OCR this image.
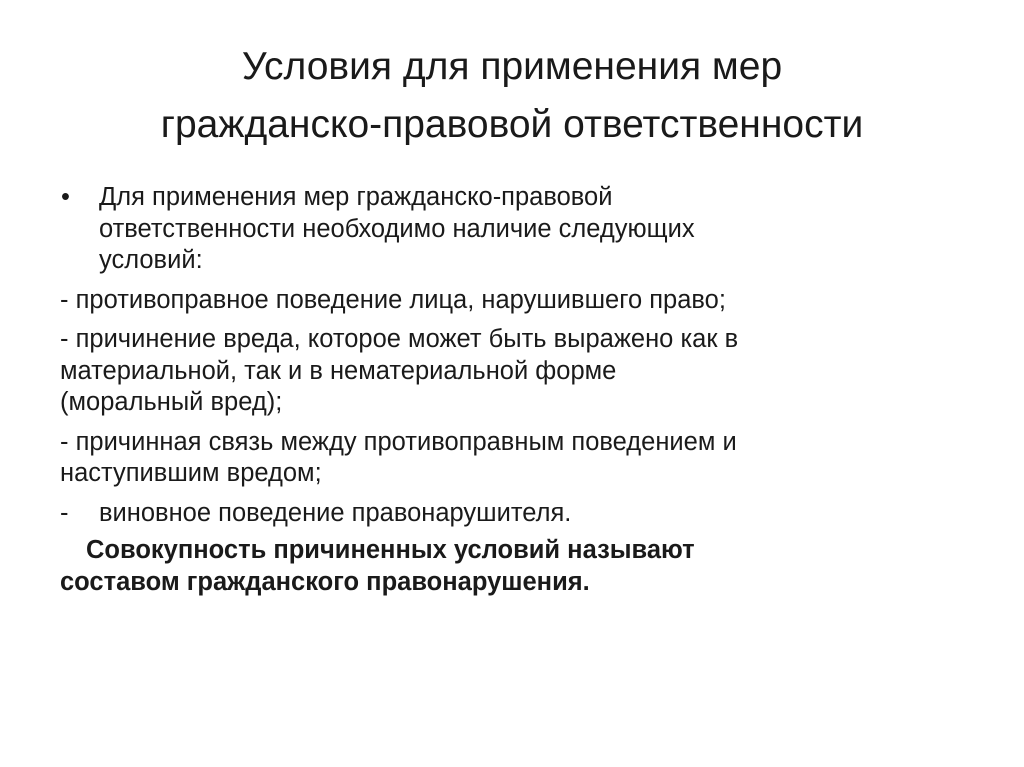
Условия для применения мер
гражданско-правовой ответственности
• Для применения мер гражданско-правовой
ответственности необходимо наличие следующих
условий:
- противоправное поведение лица, нарушившего право;
- причинение вреда, которое может быть выражено как в
материальной, так и в нематериальной форме
(моральный вред);
- причинная связь между противоправным поведением и
наступившим вредом;
- виновное поведение правонарушителя.
Совокупность причиненных условий называют
составом гражданского правонарушения.
